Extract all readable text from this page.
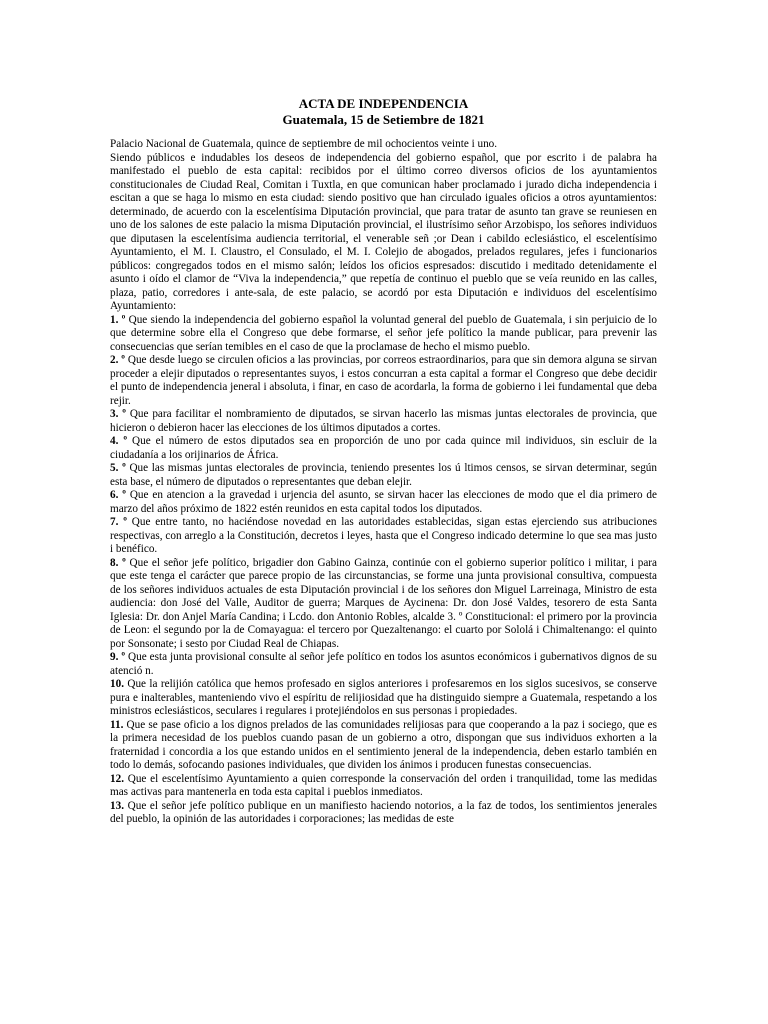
ACTA DE INDEPENDENCIA
Guatemala, 15 de Setiembre de 1821

Palacio Nacional de Guatemala, quince de septiembre de mil ochocientos veinte i uno.

Siendo públicos e indudables los deseos de independencia del gobierno español, que por escrito i de palabra ha manifestado el pueblo de esta capital: recibidos por el último correo diversos oficios de los ayuntamientos constitucionales de Ciudad Real, Comitan i Tuxtla, en que comunican haber proclamado i jurado dicha independencia i escitan a que se haga lo mismo en esta ciudad: siendo positivo que han circulado iguales oficios a otros ayuntamientos: determinado, de acuerdo con la escelentísima Diputación provincial, que para tratar de asunto tan grave se reuniesen en uno de los salones de este palacio la misma Diputación provincial, el ilustrísimo señor Arzobispo, los señores individuos que diputasen la escelentísima audiencia territorial, el venerable señ ;or Dean i cabildo eclesiástico, el escelentísimo Ayuntamiento, el M. I. Claustro, el Consulado, el M. I. Colejio de abogados, prelados regulares, jefes i funcionarios públicos: congregados todos en el mismo salón; leídos los oficios espresados: discutido i meditado detenidamente el asunto i oído el clamor de “Viva la independencia,” que repetía de continuo el pueblo que se veía reunido en las calles, plaza, patio, corredores i ante-sala, de este palacio, se acordó por esta Diputación e individuos del escelentísimo Ayuntamiento:

1. º Que siendo la independencia del gobierno español la voluntad general del pueblo de Guatemala, i sin perjuicio de lo que determine sobre ella el Congreso que debe formarse, el señor jefe político la mande publicar, para prevenir las consecuencias que serían temibles en el caso de que la proclamase de hecho el mismo pueblo.

2. º Que desde luego se circulen oficios a las provincias, por correos estraordinarios, para que sin demora alguna se sirvan proceder a elejir diputados o representantes suyos, i estos concurran a esta capital a formar el Congreso que debe decidir el punto de independencia jeneral i absoluta, i finar, en caso de acordarla, la forma de gobierno i lei fundamental que deba rejir.

3. º Que para facilitar el nombramiento de diputados, se sirvan hacerlo las mismas juntas electorales de provincia, que hicieron o debieron hacer las elecciones de los últimos diputados a cortes.

4. º Que el número de estos diputados sea en proporción de uno por cada quince mil individuos, sin escluir de la ciudadanía a los orijinarios de África.

5. º Que las mismas juntas electorales de provincia, teniendo presentes los ú ltimos censos, se sirvan determinar, según esta base, el número de diputados o representantes que deban elejir.

6. º Que en atencion a la gravedad i urjencia del asunto, se sirvan hacer las elecciones de modo que el dia primero de marzo del años próximo de 1822 estén reunidos en esta capital todos los diputados.

7. º Que entre tanto, no haciéndose novedad en las autoridades establecidas, sigan estas ejerciendo sus atribuciones respectivas, con arreglo a la Constitución, decretos i leyes, hasta que el Congreso indicado determine lo que sea mas justo i benéfico.

8. º Que el señor jefe político, brigadier don Gabino Gainza, continúe con el gobierno superior político i militar, i para que este tenga el carácter que parece propio de las circunstancias, se forme una junta provisional consultiva, compuesta de los señores individuos actuales de esta Diputación provincial i de los señores don Miguel Larreinaga, Ministro de esta audiencia: don José del Valle, Auditor de guerra; Marques de Aycinena: Dr. don José Valdes, tesorero de esta Santa Iglesia: Dr. don Anjel María Candina; i Lcdo. don Antonio Robles, alcalde 3. º Constitucional: el primero por la provincia de Leon: el segundo por la de Comayagua: el tercero por Quezaltenango: el cuarto por Sololá i Chimaltenango: el quinto por Sonsonate; i sesto por Ciudad Real de Chiapas.

9. º Que esta junta provisional consulte al señor jefe político en todos los asuntos económicos i gubernativos dignos de su atenció n.

10. Que la relijión católica que hemos profesado en siglos anteriores i profesaremos en los siglos sucesivos, se conserve pura e inalterables, manteniendo vivo el espíritu de relijiosidad que ha distinguido siempre a Guatemala, respetando a los ministros eclesiásticos, seculares i regulares i protejiéndolos en sus personas i propiedades.

11. Que se pase oficio a los dignos prelados de las comunidades relijiosas para que cooperando a la paz i sociego, que es la primera necesidad de los pueblos cuando pasan de un gobierno a otro, dispongan que sus individuos exhorten a la fraternidad i concordia a los que estando unidos en el sentimiento jeneral de la independencia, deben estarlo también en todo lo demás, sofocando pasiones individuales, que dividen los ánimos i producen funestas consecuencias.

12. Que el escelentísimo Ayuntamiento a quien corresponde la conservación del orden i tranquilidad, tome las medidas mas activas para mantenerla en toda esta capital i pueblos inmediatos.

13. Que el señor jefe político publique en un manifiesto haciendo notorios, a la faz de todos, los sentimientos jenerales del pueblo, la opinión de las autoridades i corporaciones; las medidas de este
